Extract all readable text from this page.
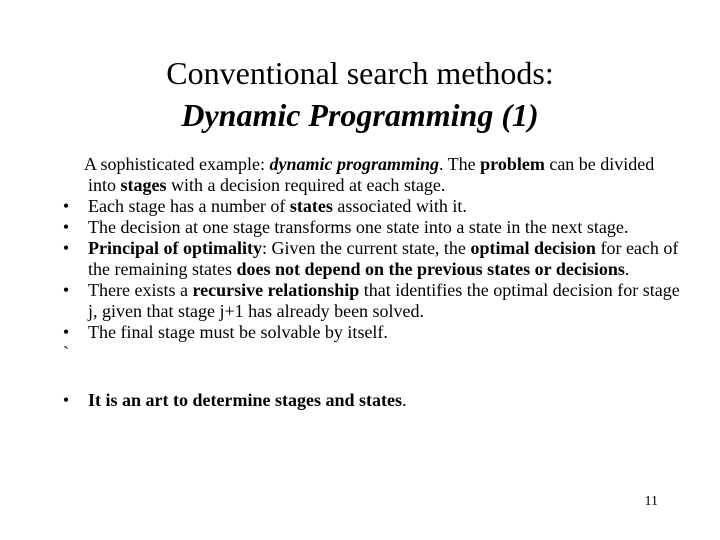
Conventional search methods:
Dynamic Programming (1)
A sophisticated example: dynamic programming. The problem can be divided into stages with a decision required at each stage.
•	Each stage has a number of states associated with it.
•	The decision at one stage transforms one state into a state in the next stage.
•	Principal of optimality: Given the current state, the optimal decision for each of the remaining states does not depend on the previous states or decisions.
•	There exists a recursive relationship that identifies the optimal decision for stage j, given that stage j+1 has already been solved.
•	The final stage must be solvable by itself.
`

•	It is an art to determine stages and states.
11
